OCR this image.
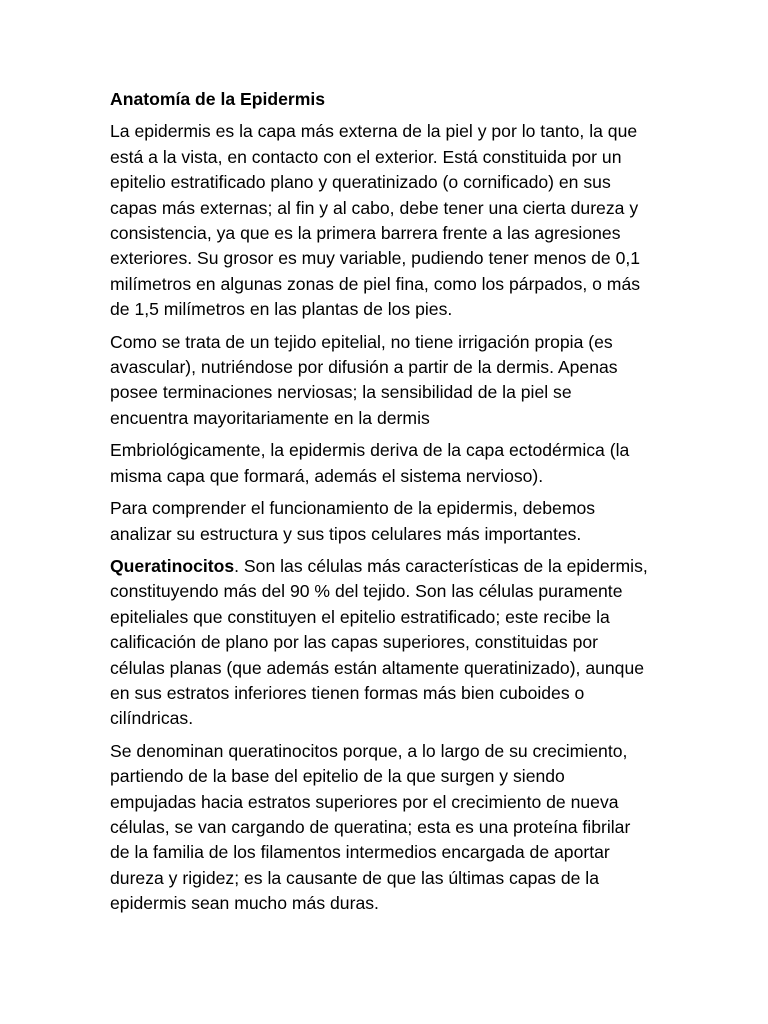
Anatomía de la Epidermis

La epidermis es la capa más externa de la piel y por lo tanto, la que está a la vista, en contacto con el exterior. Está constituida por un epitelio estratificado plano y queratinizado (o cornificado) en sus capas más externas; al fin y al cabo, debe tener una cierta dureza y consistencia, ya que es la primera barrera frente a las agresiones exteriores. Su grosor es muy variable, pudiendo tener menos de 0,1 milímetros en algunas zonas de piel fina, como los párpados, o más de 1,5 milímetros en las plantas de los pies.

Como se trata de un tejido epitelial, no tiene irrigación propia (es avascular), nutriéndose por difusión a partir de la dermis. Apenas posee terminaciones nerviosas; la sensibilidad de la piel se encuentra mayoritariamente en la dermis

Embriológicamente, la epidermis deriva de la capa ectodérmica (la misma capa que formará, además el sistema nervioso).

Para comprender el funcionamiento de la epidermis, debemos analizar su estructura y sus tipos celulares más importantes.

Queratinocitos. Son las células más características de la epidermis, constituyendo más del 90 % del tejido. Son las células puramente epiteliales que constituyen el epitelio estratificado; este recibe la calificación de plano por las capas superiores, constituidas por células planas (que además están altamente queratinizado), aunque en sus estratos inferiores tienen formas más bien cuboides o cilíndricas.

Se denominan queratinocitos porque, a lo largo de su crecimiento, partiendo de la base del epitelio de la que surgen y siendo empujadas hacia estratos superiores por el crecimiento de nueva células, se van cargando de queratina; esta es una proteína fibrilar de la familia de los filamentos intermedios encargada de aportar dureza y rigidez; es la causante de que las últimas capas de la epidermis sean mucho más duras.
